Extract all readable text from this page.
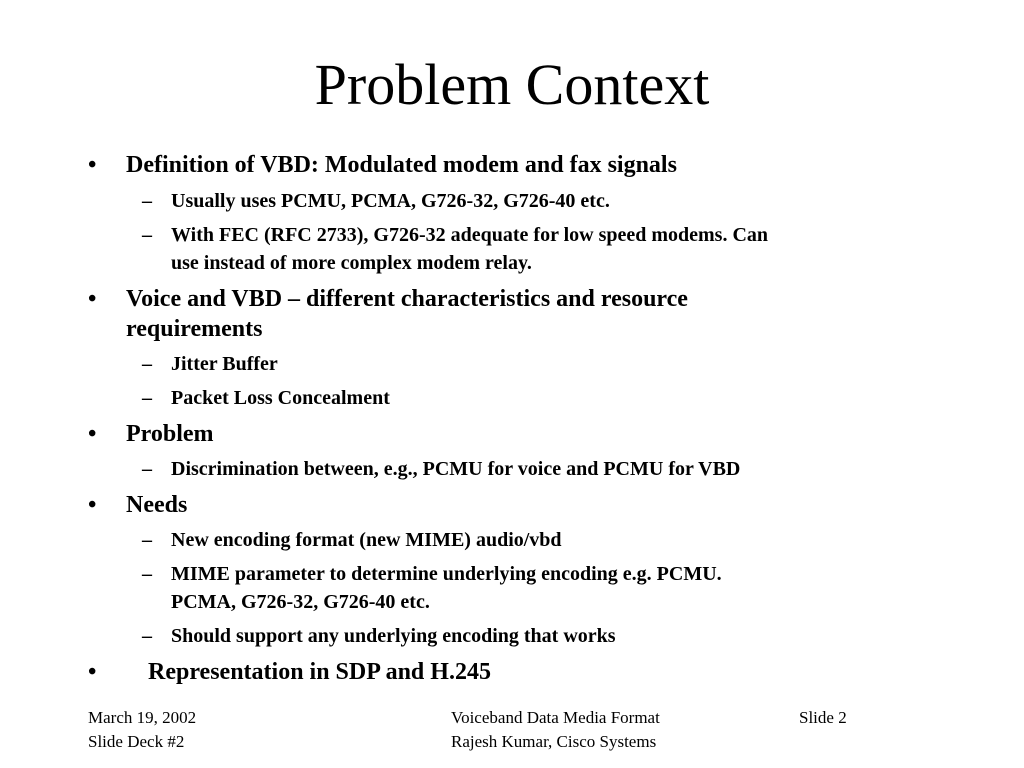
Problem Context
• Definition of VBD: Modulated modem and fax signals
– Usually uses PCMU, PCMA, G726-32, G726-40 etc.
– With FEC (RFC 2733), G726-32 adequate for low speed modems. Can
use instead of more complex modem relay.
• Voice and VBD – different characteristics and resource
requirements
– Jitter Buffer
– Packet Loss Concealment
• Problem
– Discrimination between, e.g., PCMU for voice and PCMU for VBD
• Needs
– New encoding format (new MIME) audio/vbd
– MIME parameter to determine underlying encoding e.g. PCMU.
PCMA, G726-32, G726-40 etc.
– Should support any underlying encoding that works
• Representation in SDP and H.245
March 19, 2002
Slide Deck #2
Voiceband Data Media Format
Rajesh Kumar, Cisco Systems
Slide 2
